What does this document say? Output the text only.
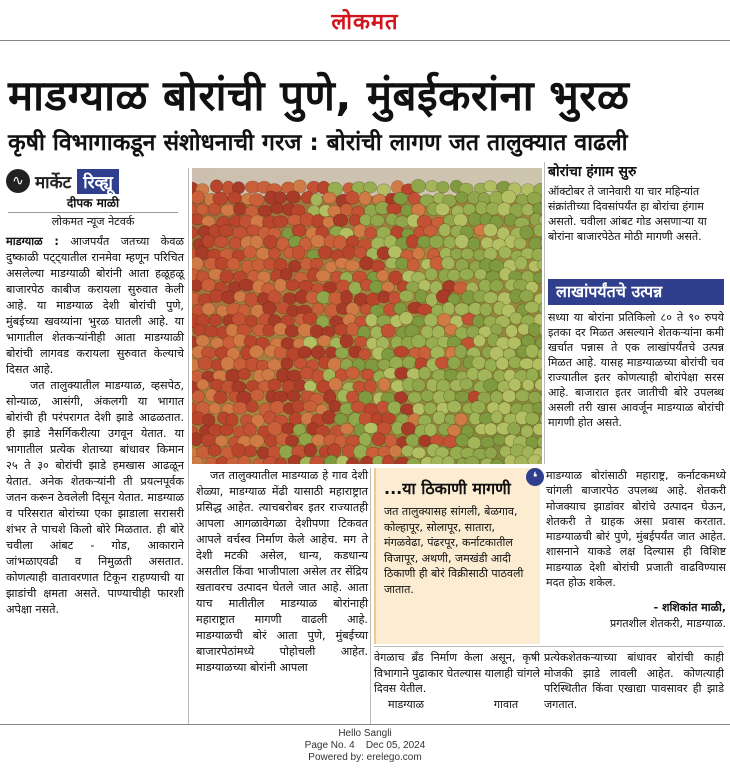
लोकमत
माडग्याळ बोरांची पुणे, मुंबईकरांना भुरळ
कृषी विभागाकडून संशोधनाची गरज : बोरांची लागण जत तालुक्यात वाढली
∿ मार्केट रिव्ह्यू
दीपक माळी
लोकमत न्यूज नेटवर्क

माडग्याळ : आजपर्यंत जतच्या केवळ दुष्काळी पट्ट्यातील रानमेवा म्हणून परिचित असलेल्या माडग्याळी बोरांनी आता हळूहळू बाजारपेठ काबीज करायला सुरुवात केली आहे. या माडग्याळ देशी बोरांची पुणे, मुंबईच्या खवय्यांना भुरळ घातली आहे. या भागातील शेतकऱ्यांनीही आता माडग्याळी बोरांची लागवड करायला सुरुवात केल्याचे दिसत आहे.

जत तालुक्यातील माडग्याळ, व्हसपेठ, सोन्याळ, आसंगी, अंकलगी या भागात बोरांची ही परंपरागत देशी झाडे आढळतात. ही झाडे नैसर्गिकरीत्या उगवून येतात. या भागातील प्रत्येक शेताच्या बांधावर किमान २५ ते ३० बोरांची झाडे हमखास आढळून येतात. अनेक शेतकऱ्यांनी ती प्रयत्नपूर्वक जतन करून ठेवलेली दिसून येतात. माडग्याळ व परिसरात बोरांच्या एका झाडाला सरासरी शंभर ते पाचशे किलो बोरे मिळतात. ही बोरे चवीला आंबट - गोड, आकाराने जांभळाएवढी व निमुळती असतात. कोणत्याही वातावरणात टिकून राहण्याची या झाडांची क्षमता असते. पाण्याचीही फारशी अपेक्षा नसते.

जत तालुक्यातील माडग्याळ हे गाव देशी शेळ्या, माडग्याळ मेंढी यासाठी महाराष्ट्रात प्रसिद्ध आहेत. त्याचबरोबर इतर राज्यातही आपला आगळावेगळा देशीपणा टिकवत आपले वर्चस्व निर्माण केले आहेच. मग ते देशी मटकी असेल, धान्य, कडधान्य असतील किंवा भाजीपाला असेल तर सेंद्रिय खतावरच उत्पादन घेतले जात आहे. आता याच मातीतील माडग्याळ बोरांनाही महाराष्ट्रात मागणी वाढली आहे. माडग्याळची बोरं आता पुणे, मुंबईच्या बाजारपेठांमध्ये पोहोचली आहेत. माडग्याळच्या बोरांनी आपला
बोरांचा हंगाम सुरु
ऑक्टोबर ते जानेवारी या चार महिन्यांत संक्रांतीच्या दिवसांपर्यंत हा बोरांचा हंगाम असतो. चवीला आंबट गोड असणाऱ्या या बोरांना बाजारपेठेत मोठी मागणी असते.
लाखांपर्यंतचे उत्पन्न
सध्या या बोरांना प्रतिकिलो ८० ते ९० रुपये इतका दर मिळत असल्याने शेतकऱ्यांना कमी खर्चात पन्नास ते एक लाखांपर्यंतचे उत्पन्न मिळत आहे. यासह माडग्याळच्या बोरांची चव राज्यातील इतर कोणत्याही बोरांपेक्षा सरस आहे. बाजारात इतर जातीची बोरे उपलब्ध असली तरी खास आवर्जून माडग्याळ बोरांची मागणी होत असते.
...या ठिकाणी मागणी
जत तालुक्यासह सांगली, बेळगाव, कोल्हापूर, सोलापूर, सातारा, मंगळवेढा, पंढरपूर, कर्नाटकातील विजापूर, अथणी, जमखंडी आदी ठिकाणी ही बोरं विक्रीसाठी पाठवली जातात.
❛ माडग्याळ बोरांसाठी महाराष्ट्र, कर्नाटकमध्ये चांगली बाजारपेठ उपलब्ध आहे. शेतकरी मोजक्याच झाडांवर बोरांचे उत्पादन घेऊन, शेतकरी ते ग्राहक असा प्रवास करतात. माडग्याळची बोरं पुणे, मुंबईपर्यंत जात आहेत. शासनाने याकडे लक्ष दिल्यास ही विशिष्ट माडग्याळ देशी बोरांची प्रजाती वाढविण्यास मदत होऊ शकेल.
- शशिकांत माळी,
प्रगतशील शेतकरी, माडग्याळ.

वेगळाच ब्रँड निर्माण केला असून, कृषी विभागाने पुढाकार घेतल्यास यालाही चांगले दिवस येतील.

माडग्याळ                    गावात

प्रत्येकशेतकऱ्याच्या बांधावर बोरांची काही मोजकी झाडे लावली आहेत. कोणत्याही परिस्थितीत किंवा एखाद्या पावसावर ही झाडे जगतात.
Hello Sangli
Page No. 4    Dec 05, 2024
Powered by: erelego.com
